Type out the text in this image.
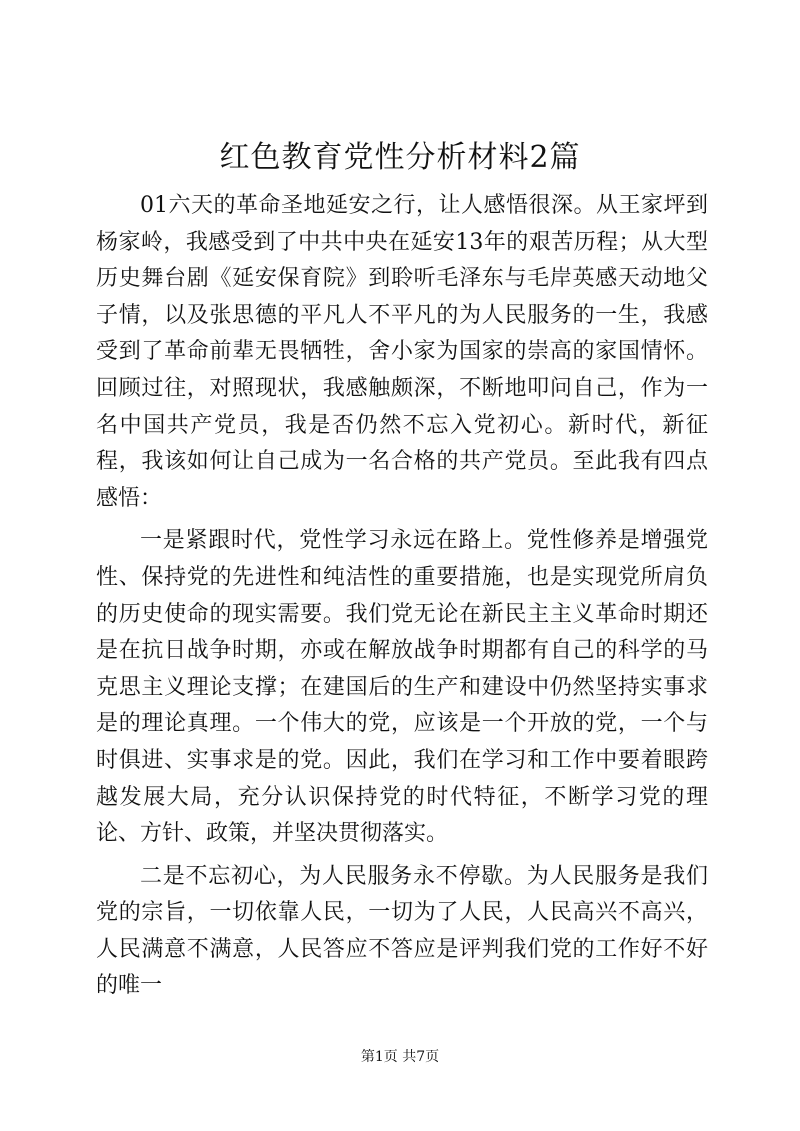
红色教育党性分析材料2篇

01六天的革命圣地延安之行，让人感悟很深。从王家坪到杨家岭，我感受到了中共中央在延安13年的艰苦历程；从大型历史舞台剧《延安保育院》到聆听毛泽东与毛岸英感天动地父子情，以及张思德的平凡人不平凡的为人民服务的一生，我感受到了革命前辈无畏牺牲，舍小家为国家的崇高的家国情怀。回顾过往，对照现状，我感触颇深，不断地叩问自己，作为一名中国共产党员，我是否仍然不忘入党初心。新时代，新征程，我该如何让自己成为一名合格的共产党员。至此我有四点感悟：

一是紧跟时代，党性学习永远在路上。党性修养是增强党性、保持党的先进性和纯洁性的重要措施，也是实现党所肩负的历史使命的现实需要。我们党无论在新民主主义革命时期还是在抗日战争时期，亦或在解放战争时期都有自己的科学的马克思主义理论支撑；在建国后的生产和建设中仍然坚持实事求是的理论真理。一个伟大的党，应该是一个开放的党，一个与时俱进、实事求是的党。因此，我们在学习和工作中要着眼跨越发展大局，充分认识保持党的时代特征，不断学习党的理论、方针、政策，并坚决贯彻落实。

二是不忘初心，为人民服务永不停歇。为人民服务是我们党的宗旨，一切依靠人民，一切为了人民，人民高兴不高兴，人民满意不满意，人民答应不答应是评判我们党的工作好不好的唯一

第1页 共7页
